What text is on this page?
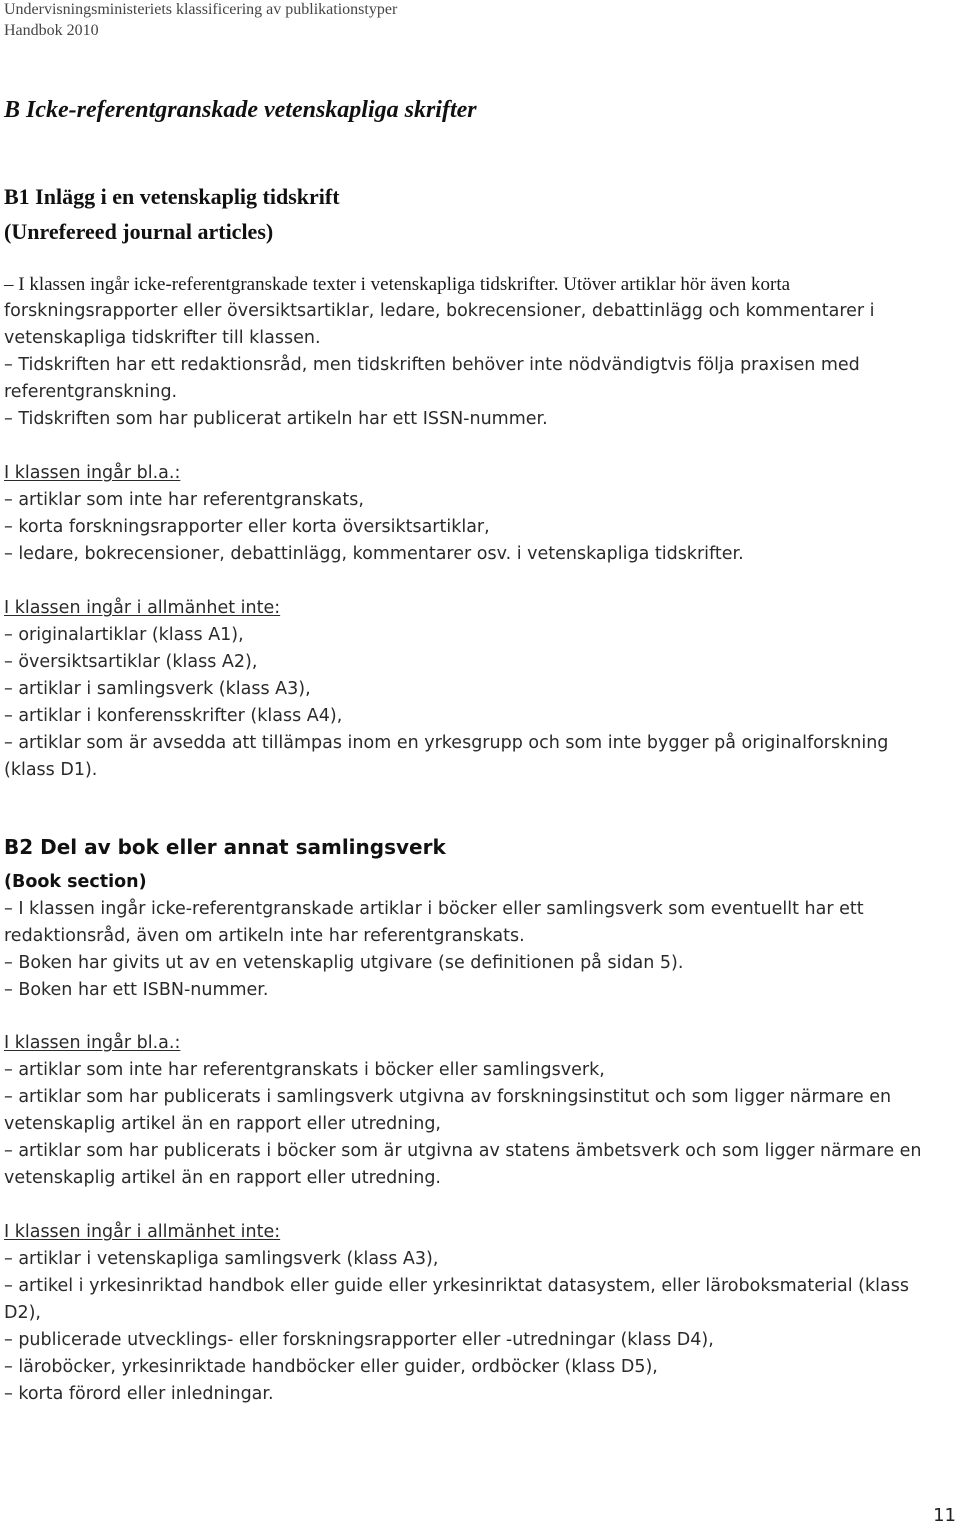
Undervisningsministeriets klassificering av publikationstyper
Handbok 2010
B Icke-referentgranskade vetenskapliga skrifter
B1 Inlägg i en vetenskaplig tidskrift
(Unrefereed journal articles)
– I klassen ingår icke-referentgranskade texter i vetenskapliga tidskrifter. Utöver artiklar hör även korta
forskningsrapporter eller översiktsartiklar, ledare, bokrecensioner, debattinlägg och kommentarer i
vetenskapliga tidskrifter till klassen.
– Tidskriften har ett redaktionsråd, men tidskriften behöver inte nödvändigtvis följa praxisen med
referentgranskning.
– Tidskriften som har publicerat artikeln har ett ISSN-nummer.
I klassen ingår bl.a.:
– artiklar som inte har referentgranskats,
– korta forskningsrapporter eller korta översiktsartiklar,
– ledare, bokrecensioner, debattinlägg, kommentarer osv. i vetenskapliga tidskrifter.
I klassen ingår i allmänhet inte:
– originalartiklar (klass A1),
– översiktsartiklar (klass A2),
– artiklar i samlingsverk (klass A3),
– artiklar i konferensskrifter (klass A4),
– artiklar som är avsedda att tillämpas inom en yrkesgrupp och som inte bygger på originalforskning
(klass D1).
B2 Del av bok eller annat samlingsverk
(Book section)
– I klassen ingår icke-referentgranskade artiklar i böcker eller samlingsverk som eventuellt har ett
redaktionsråd, även om artikeln inte har referentgranskats.
– Boken har givits ut av en vetenskaplig utgivare (se definitionen på sidan 5).
– Boken har ett ISBN-nummer.
I klassen ingår bl.a.:
– artiklar som inte har referentgranskats i böcker eller samlingsverk,
– artiklar som har publicerats i samlingsverk utgivna av forskningsinstitut och som ligger närmare en
vetenskaplig artikel än en rapport eller utredning,
– artiklar som har publicerats i böcker som är utgivna av statens ämbetsverk och som ligger närmare en
vetenskaplig artikel än en rapport eller utredning.
I klassen ingår i allmänhet inte:
– artiklar i vetenskapliga samlingsverk (klass A3),
– artikel i yrkesinriktad handbok eller guide eller yrkesinriktat datasystem, eller läroboksmaterial (klass
D2),
– publicerade utvecklings- eller forskningsrapporter eller -utredningar (klass D4),
– läroböcker, yrkesinriktade handböcker eller guider, ordböcker (klass D5),
– korta förord eller inledningar.
11
